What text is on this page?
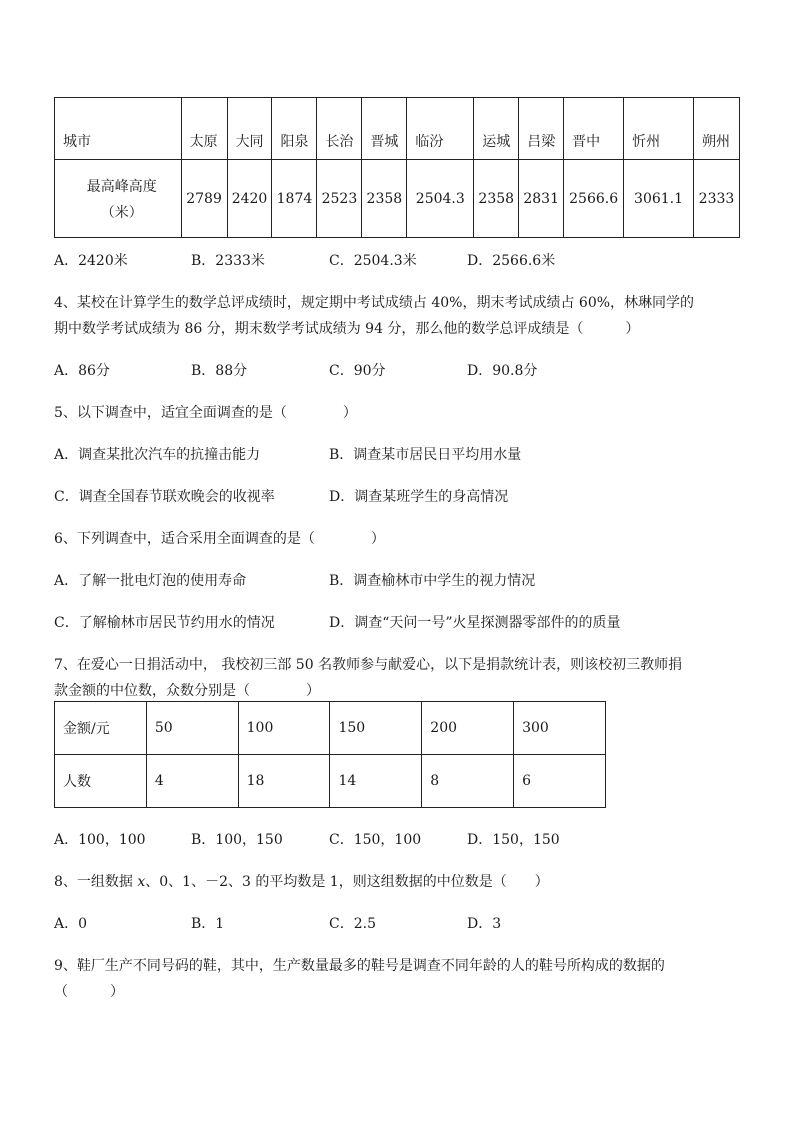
城市	太原	大同	阳泉	长治	晋城	临汾	运城	吕梁	晋中	忻州	朔州

最高峰高度
（米）	2789	2420	1874	2523	2358	2504.3	2358	2831	2566.6	3061.1	2333
A．2420米	B．2333米	C．2504.3米	D．2566.6米
4、某校在计算学生的数学总评成绩时，规定期中考试成绩占 40%，期末考试成绩占 60%，林琳同学的
期中数学考试成绩为 86 分，期末数学考试成绩为 94 分，那么他的数学总评成绩是（　　　）
A．86分	B．88分	C．90分	D．90.8分
5、以下调查中，适宜全面调查的是（　　　　）
A．调查某批次汽车的抗撞击能力	B．调查某市居民日平均用水量
C．调查全国春节联欢晚会的收视率	D．调查某班学生的身高情况
6、下列调查中，适合采用全面调查的是（　　　　）
A．了解一批电灯泡的使用寿命	B．调查榆林市中学生的视力情况
C．了解榆林市居民节约用水的情况	D．调查“天问一号”火星探测器零部件的的质量
7、在爱心一日捐活动中， 我校初三部 50 名教师参与献爱心，以下是捐款统计表，则该校初三教师捐
款金额的中位数，众数分别是（　　　　）
金额/元	50	100	150	200	300
人数	4	18	14	8	6
A．100，100	B．100，150	C．150，100	D．150，150
8、一组数据 x、0、1、－2、3 的平均数是 1，则这组数据的中位数是（　　）
A．0	B．1	C．2.5	D．3
9、鞋厂生产不同号码的鞋，其中，生产数量最多的鞋号是调查不同年龄的人的鞋号所构成的数据的
（　　　）
